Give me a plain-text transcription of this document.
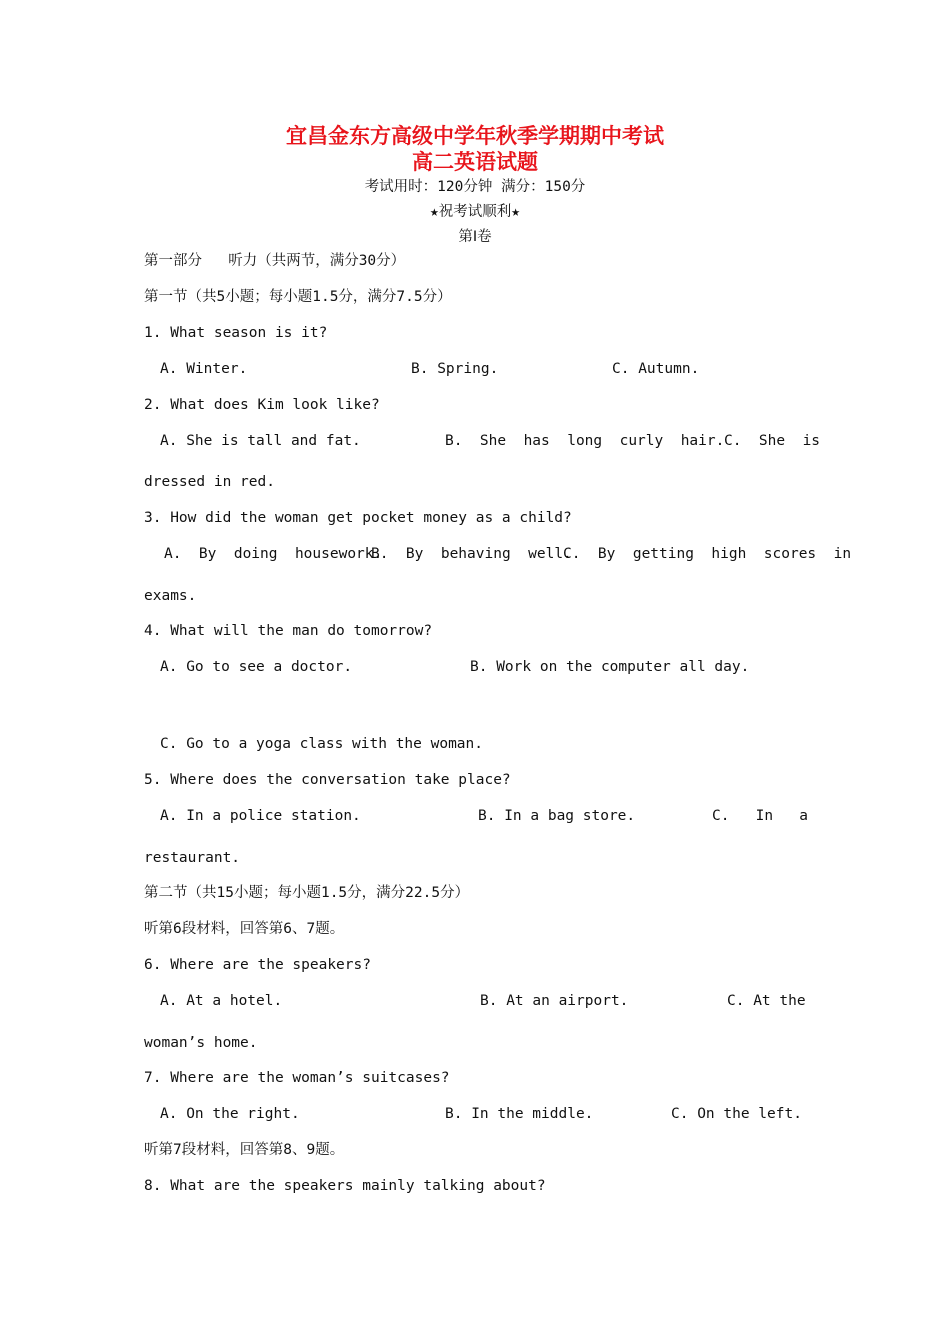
宜昌金东方高级中学年秋季学期期中考试
高二英语试题
考试用时：120分钟 满分：150分
★祝考试顺利★
第Ⅰ卷
第一部分   听力（共两节，满分30分）
第一节（共5小题；每小题1.5分，满分7.5分）
1. What season is it?
A. Winter.	B. Spring.	C. Autumn.
2. What does Kim look like?
A. She is tall and fat.	B.  She  has  long  curly  hair. C.  She  is
dressed in red.
3. How did the woman get pocket money as a child?
A.  By  doing  housework.
B.  By  behaving  well.
C.  By  getting  high  scores  in
exams.
4. What will the man do tomorrow?
A. Go to see a doctor.	B. Work on the computer all day.
C. Go to a yoga class with the woman.
5. Where does the conversation take place?
A. In a police station.	B. In a bag store.	C.   In   a
restaurant.
第二节（共15小题；每小题1.5分，满分22.5分）
听第6段材料，回答第6、7题。
6. Where are the speakers?
A. At a hotel.	B. At an airport.	C. At the
woman’s home.
7. Where are the woman’s suitcases?
A. On the right.	B. In the middle.	C. On the left.
听第7段材料，回答第8、9题。
8. What are the speakers mainly talking about?
